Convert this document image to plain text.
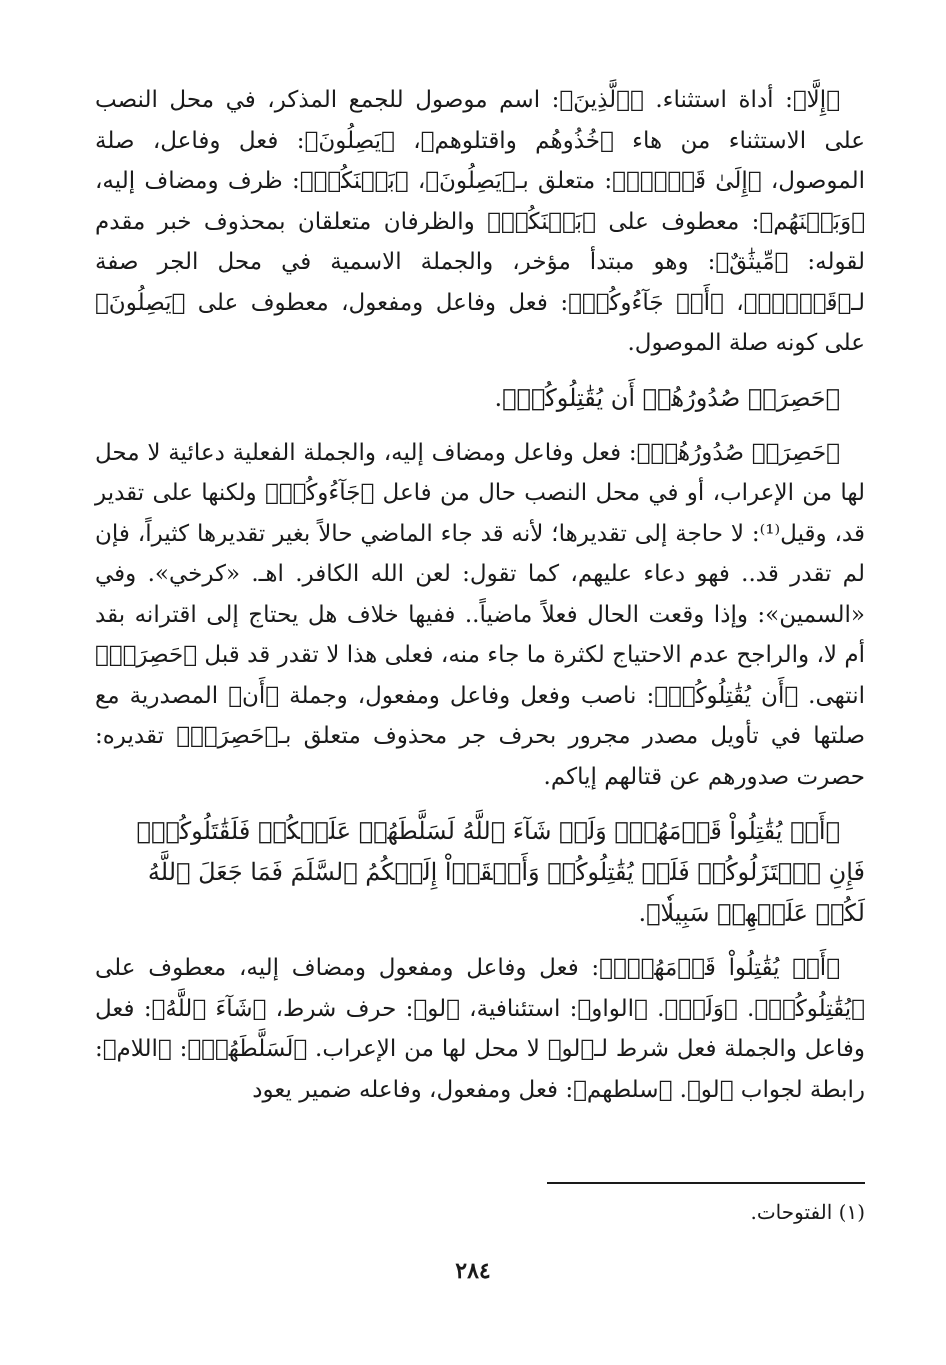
﴿إِلَّا﴾: أداة استثناء. ﴿ٱلَّذِينَ﴾: اسم موصول للجمع المذكر، في محل النصب على الاستثناء من هاء ﴿خُذُوهُم واقتلوهم﴾، ﴿يَصِلُونَ﴾: فعل وفاعل، صلة الموصول، ﴿إِلَىٰ قَوۡمِۭ﴾: متعلق بـ﴿يَصِلُونَ﴾، ﴿بَيۡنَكُمۡ﴾: ظرف ومضاف إليه، ﴿وَبَيۡنَهُم﴾: معطوف على ﴿بَيۡنَكُمۡ﴾ والظرفان متعلقان بمحذوف خبر مقدم لقوله: ﴿مِّيثَٰقٌ﴾: وهو مبتدأ مؤخر، والجملة الاسمية في محل الجر صفة لـ﴿قَوۡمِۭ﴾، ﴿أَوۡ جَآءُوكُمۡ﴾: فعل وفاعل ومفعول، معطوف على ﴿يَصِلُونَ﴾ على كونه صلة الموصول.

﴿حَصِرَتۡ صُدُورُهُمۡ أَن يُقَٰتِلُوكُمۡ﴾.

﴿حَصِرَتۡ صُدُورُهُمۡ﴾: فعل وفاعل ومضاف إليه، والجملة الفعلية دعائية لا محل لها من الإعراب، أو في محل النصب حال من فاعل ﴿جَآءُوكُمۡ﴾ ولكنها على تقدير قد، وقيل⁽¹⁾: لا حاجة إلى تقديرها؛ لأنه قد جاء الماضي حالاً بغير تقديرها كثيراً، فإن لم تقدر قد.. فهو دعاء عليهم، كما تقول: لعن الله الكافر. اهـ. «كرخي». وفي «السمين»: وإذا وقعت الحال فعلاً ماضياً.. ففيها خلاف هل يحتاج إلى اقترانه بقد أم لا، والراجح عدم الاحتياج لكثرة ما جاء منه، فعلى هذا لا تقدر قد قبل ﴿حَصِرَتۡ﴾ انتهى. ﴿أَن يُقَٰتِلُوكُمۡ﴾: ناصب وفعل وفاعل ومفعول، وجملة ﴿أَن﴾ المصدرية مع صلتها في تأويل مصدر مجرور بحرف جر محذوف متعلق بـ﴿حَصِرَتۡ﴾ تقديره: حصرت صدورهم عن قتالهم إياكم.

﴿أَوۡ يُقَٰتِلُواْ قَوۡمَهُمۡۚ وَلَوۡ شَآءَ ٱللَّهُ لَسَلَّطَهُمۡ عَلَيۡكُمۡ فَلَقَٰتَلُوكُمۡۚ فَإِنِ ٱعۡتَزَلُوكُمۡ فَلَمۡ يُقَٰتِلُوكُمۡ وَأَلۡقَوۡاْ إِلَيۡكُمُ ٱلسَّلَمَ فَمَا جَعَلَ ٱللَّهُ لَكُمۡ عَلَيۡهِمۡ سَبِيلٗا﴾.

﴿أَوۡ يُقَٰتِلُواْ قَوۡمَهُمۡۚ﴾: فعل وفاعل ومفعول ومضاف إليه، معطوف على ﴿يُقَٰتِلُوكُمۡ﴾. ﴿وَلَوۡ﴾. ﴿الواو﴾: استئنافية، ﴿لو﴾: حرف شرط، ﴿شَآءَ ٱللَّهُ﴾: فعل وفاعل والجملة فعل شرط لـ﴿لو﴾ لا محل لها من الإعراب. ﴿لَسَلَّطَهُمۡ﴾: ﴿اللام﴾: رابطة لجواب ﴿لو﴾. ﴿سلطهم﴾: فعل ومفعول، وفاعله ضمير يعود

(١) الفتوحات.
٢٨٤
